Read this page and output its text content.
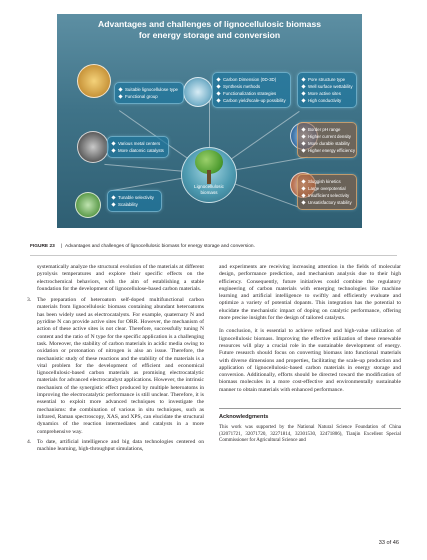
Advantages and challenges of lignocellulosic biomass
for energy storage and conversion
Suitable lignocellulose type
Functional group
Carbon Dimension (0D-3D)
Synthesis methods
Functionalization strategies
Carbon yield/scale-up possibility
Pore structure type
Well surface wettability
More active sites
High conductivity
Various metal centers
More diatomic catalysts
Border pH range
Higher current density
More durable stability
Higher energy efficiency
Tunable selectivity
Scalability
Sluggish kinetics
Large overpotential
Insufficient selectivity
Unsatisfactory stability
Lignocellulosic
biomass
FIGURE 23 | Advantages and challenges of lignocellulosic biomass for energy storage and conversion.

systematically analyze the structural evolution of the materials at different pyrolysis temperatures and explore their specific effects on the electrochemical behaviors, with the aim of establishing a stable foundation for the development of lignocellulose-based carbon materials.

3.	The preparation of heteroatom self-doped multifunctional carbon materials from lignocellulosic biomass containing abundant heteroatoms has been widely used as electrocatalysts. For example, quaternary N and pyridine N can provide active sites for ORR. However, the mechanism of action of these active sites is not clear. Therefore, successfully tuning N content and the ratio of N type for the specific application is a challenging task. Moreover, the stability of carbon materials in acidic media owing to oxidation or protonation of nitrogen is also an issue. Therefore, the mechanistic study of these reactions and the stability of the materials is a vital problem for the development of efficient and economical lignocellulosic-based carbon materials as promising electrocatalytic materials for advanced electrocatalyst applications. However, the intrinsic mechanism of the synergistic effect produced by multiple heteroatoms in improving the electrocatalytic performance is still unclear. Therefore, it is essential to exploit more advanced techniques to investigate the mechanisms: the combination of various in situ techniques, such as infrared, Raman spectroscopy, XAS, and XPS, can elucidate the structural dynamics of the reaction intermediates and catalysts in a more comprehensive way.
4.	To date, artificial intelligence and big data technologies centered on machine learning, high-throughput simulations,

and experiments are receiving increasing attention in the fields of molecular design, performance prediction, and mechanism analysis due to their high efficiency. Consequently, future initiatives could combine the regulatory engineering of carbon materials with emerging technologies like machine learning and artificial intelligence to swiftly and efficiently evaluate and optimize a variety of potential dopants. This integration has the potential to elucidate the mechanistic impact of doping on catalytic performance, offering more precise insights for the design of tailored catalysts.

In conclusion, it is essential to achieve refined and high-value utilization of lignocellulosic biomass. Improving the effective utilization of these renewable resources will play a crucial role in the sustainable development of energy. Future research should focus on converting biomass into functional materials with diverse dimensions and properties, facilitating the scale-up production and application of lignocellulosic-based carbon materials in energy storage and conversion. Additionally, efforts should be directed toward the modification of biomass molecules in a more cost-effective and environmentally sustainable manner to obtain materials with enhanced performance.

Acknowledgments

This work was supported by the National Natural Science Foundation of China (32071721, 32071720, 32271814, 32301530, 32471806), Tianjin Excellent Special Commissioner for Agricultural Science and

33 of 46
